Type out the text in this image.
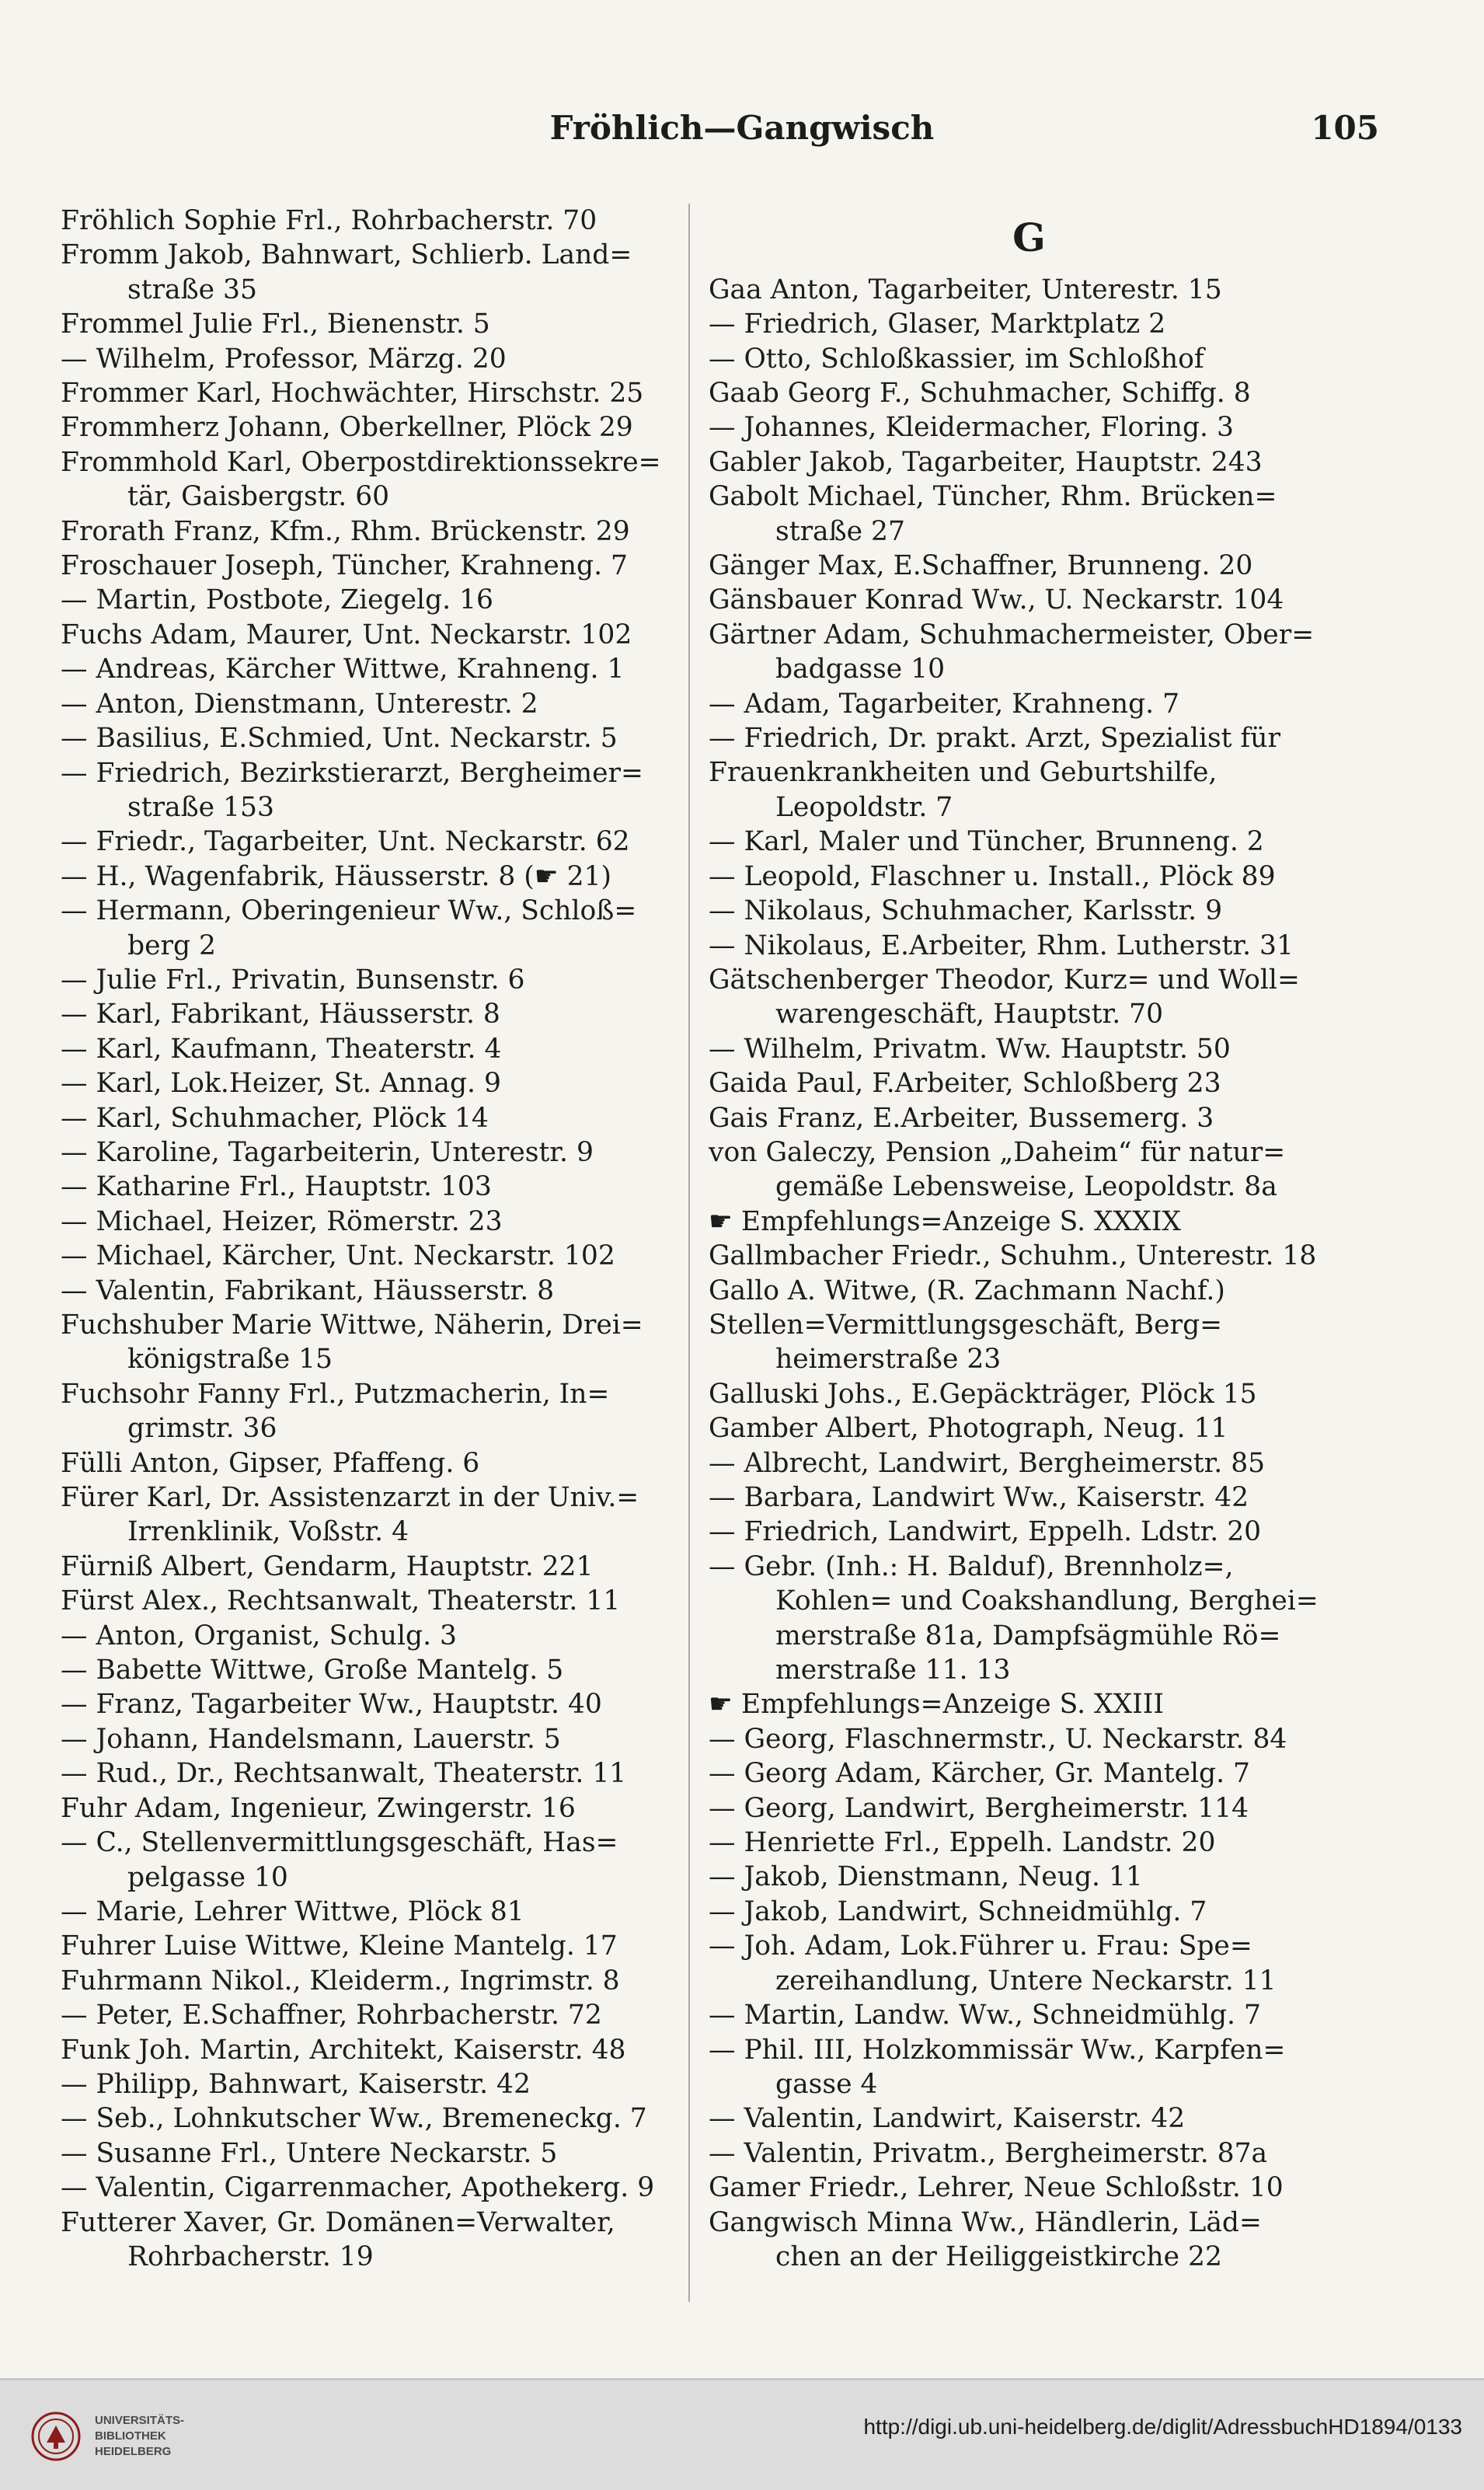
Fröhlich—Gangwisch	105
Fröhlich Sophie Frl., Rohrbacherstr. 70
Fromm Jakob, Bahnwart, Schlierb. Land=
straße 35
Frommel Julie Frl., Bienenstr. 5
— Wilhelm, Professor, Märzg. 20
Frommer Karl, Hochwächter, Hirschstr. 25
Frommherz Johann, Oberkellner, Plöck 29
Frommhold Karl, Oberpostdirektionssekre=
tär, Gaisbergstr. 60
Frorath Franz, Kfm., Rhm. Brückenstr. 29
Froschauer Joseph, Tüncher, Krahneng. 7
— Martin, Postbote, Ziegelg. 16
Fuchs Adam, Maurer, Unt. Neckarstr. 102
— Andreas, Kärcher Wittwe, Krahneng. 1
— Anton, Dienstmann, Unterestr. 2
— Basilius, E.Schmied, Unt. Neckarstr. 5
— Friedrich, Bezirkstierarzt, Bergheimer=
straße 153
— Friedr., Tagarbeiter, Unt. Neckarstr. 62
— H., Wagenfabrik, Häusserstr. 8 (☛ 21)
— Hermann, Oberingenieur Ww., Schloß=
berg 2
— Julie Frl., Privatin, Bunsenstr. 6
— Karl, Fabrikant, Häusserstr. 8
— Karl, Kaufmann, Theaterstr. 4
— Karl, Lok.Heizer, St. Annag. 9
— Karl, Schuhmacher, Plöck 14
— Karoline, Tagarbeiterin, Unterestr. 9
— Katharine Frl., Hauptstr. 103
— Michael, Heizer, Römerstr. 23
— Michael, Kärcher, Unt. Neckarstr. 102
— Valentin, Fabrikant, Häusserstr. 8
Fuchshuber Marie Wittwe, Näherin, Drei=
königstraße 15
Fuchsohr Fanny Frl., Putzmacherin, In=
grimstr. 36
Fülli Anton, Gipser, Pfaffeng. 6
Fürer Karl, Dr. Assistenzarzt in der Univ.=
Irrenklinik, Voßstr. 4
Fürniß Albert, Gendarm, Hauptstr. 221
Fürst Alex., Rechtsanwalt, Theaterstr. 11
— Anton, Organist, Schulg. 3
— Babette Wittwe, Große Mantelg. 5
— Franz, Tagarbeiter Ww., Hauptstr. 40
— Johann, Handelsmann, Lauerstr. 5
— Rud., Dr., Rechtsanwalt, Theaterstr. 11
Fuhr Adam, Ingenieur, Zwingerstr. 16
— C., Stellenvermittlungsgeschäft, Has=
pelgasse 10
— Marie, Lehrer Wittwe, Plöck 81
Fuhrer Luise Wittwe, Kleine Mantelg. 17
Fuhrmann Nikol., Kleiderm., Ingrimstr. 8
— Peter, E.Schaffner, Rohrbacherstr. 72
Funk Joh. Martin, Architekt, Kaiserstr. 48
— Philipp, Bahnwart, Kaiserstr. 42
— Seb., Lohnkutscher Ww., Bremeneckg. 7
— Susanne Frl., Untere Neckarstr. 5
— Valentin, Cigarrenmacher, Apothekerg. 9
Futterer Xaver, Gr. Domänen=Verwalter,
Rohrbacherstr. 19
G
Gaa Anton, Tagarbeiter, Unterestr. 15
— Friedrich, Glaser, Marktplatz 2
— Otto, Schloßkassier, im Schloßhof
Gaab Georg F., Schuhmacher, Schiffg. 8
— Johannes, Kleidermacher, Floring. 3
Gabler Jakob, Tagarbeiter, Hauptstr. 243
Gabolt Michael, Tüncher, Rhm. Brücken=
straße 27
Gänger Max, E.Schaffner, Brunneng. 20
Gänsbauer Konrad Ww., U. Neckarstr. 104
Gärtner Adam, Schuhmachermeister, Ober=
badgasse 10
— Adam, Tagarbeiter, Krahneng. 7
— Friedrich, Dr. prakt. Arzt, Spezialist für
Frauenkrankheiten und Geburtshilfe,
Leopoldstr. 7
— Karl, Maler und Tüncher, Brunneng. 2
— Leopold, Flaschner u. Install., Plöck 89
— Nikolaus, Schuhmacher, Karlsstr. 9
— Nikolaus, E.Arbeiter, Rhm. Lutherstr. 31
Gätschenberger Theodor, Kurz= und Woll=
warengeschäft, Hauptstr. 70
— Wilhelm, Privatm. Ww. Hauptstr. 50
Gaida Paul, F.Arbeiter, Schloßberg 23
Gais Franz, E.Arbeiter, Bussemerg. 3
von Galeczy, Pension „Daheim“ für natur=
gemäße Lebensweise, Leopoldstr. 8a
☛ Empfehlungs=Anzeige S. XXXIX
Gallmbacher Friedr., Schuhm., Unterestr. 18
Gallo A. Witwe, (R. Zachmann Nachf.)
Stellen=Vermittlungsgeschäft, Berg=
heimerstraße 23
Galluski Johs., E.Gepäckträger, Plöck 15
Gamber Albert, Photograph, Neug. 11
— Albrecht, Landwirt, Bergheimerstr. 85
— Barbara, Landwirt Ww., Kaiserstr. 42
— Friedrich, Landwirt, Eppelh. Ldstr. 20
— Gebr. (Inh.: H. Balduf), Brennholz=,
Kohlen= und Coakshandlung, Berghei=
merstraße 81a, Dampfsägmühle Rö=
merstraße 11. 13
☛ Empfehlungs=Anzeige S. XXIII
— Georg, Flaschnermstr., U. Neckarstr. 84
— Georg Adam, Kärcher, Gr. Mantelg. 7
— Georg, Landwirt, Bergheimerstr. 114
— Henriette Frl., Eppelh. Landstr. 20
— Jakob, Dienstmann, Neug. 11
— Jakob, Landwirt, Schneidmühlg. 7
— Joh. Adam, Lok.Führer u. Frau: Spe=
zereihandlung, Untere Neckarstr. 11
— Martin, Landw. Ww., Schneidmühlg. 7
— Phil. III, Holzkommissär Ww., Karpfen=
gasse 4
— Valentin, Landwirt, Kaiserstr. 42
— Valentin, Privatm., Bergheimerstr. 87a
Gamer Friedr., Lehrer, Neue Schloßstr. 10
Gangwisch Minna Ww., Händlerin, Läd=
chen an der Heiliggeistkirche 22
UNIVERSITÄTS-
BIBLIOTHEK
HEIDELBERG
http://digi.ub.uni-heidelberg.de/diglit/AdressbuchHD1894/0133
